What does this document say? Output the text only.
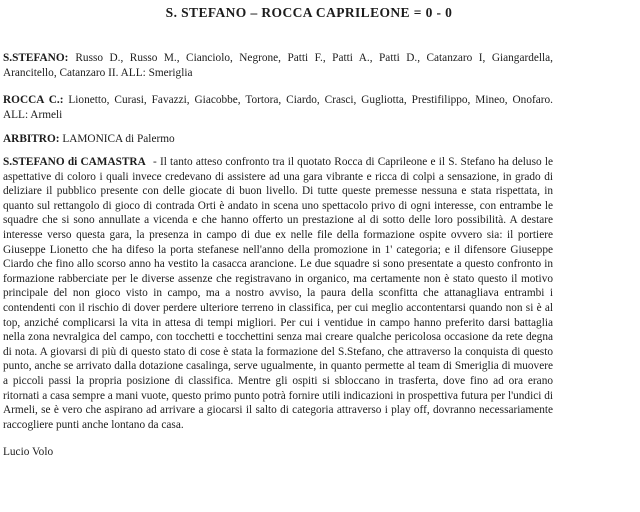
S. STEFANO – ROCCA CAPRILEONE = 0 - 0

S.STEFANO: Russo D., Russo M., Cianciolo, Negrone, Patti F., Patti A., Patti D., Catanzaro I, Giangardella, Arancitello, Catanzaro II. ALL: Smeriglia

ROCCA C.: Lionetto, Curasi, Favazzi, Giacobbe, Tortora, Ciardo, Crasci, Gugliotta, Prestifilippo, Mineo, Onofaro. ALL: Armeli

ARBITRO: LAMONICA di Palermo

S.STEFANO di CAMASTRA - Il tanto atteso confronto tra il quotato Rocca di Caprileone e il S. Stefano ha deluso le aspettative di coloro i quali invece credevano di assistere ad una gara vibrante e ricca di colpi a sensazione, in grado di deliziare il pubblico presente con delle giocate di buon livello. Di tutte queste premesse nessuna e stata rispettata, in quanto sul rettangolo di gioco di contrada Orti è andato in scena uno spettacolo privo di ogni interesse, con entrambe le squadre che si sono annullate a vicenda e che hanno offerto un prestazione al di sotto delle loro possibilità. A destare interesse verso questa gara, la presenza in campo di due ex nelle file della formazione ospite ovvero sia: il portiere Giuseppe Lionetto che ha difeso la porta stefanese nell'anno della promozione in 1' categoria; e il difensore Giuseppe Ciardo che fino allo scorso anno ha vestito la casacca arancione. Le due squadre si sono presentate a questo confronto in formazione rabberciate per le diverse assenze che registravano in organico, ma certamente non è stato questo il motivo principale del non gioco visto in campo, ma a nostro avviso, la paura della sconfitta che attanagliava entrambi i contendenti con il rischio di dover perdere ulteriore terreno in classifica, per cui meglio accontentarsi quando non si è al top, anziché complicarsi la vita in attesa di tempi migliori. Per cui i ventidue in campo hanno preferito darsi battaglia nella zona nevralgica del campo, con tocchetti e tocchettini senza mai creare qualche pericolosa occasione da rete degna di nota. A giovarsi di più di questo stato di cose è stata la formazione del S.Stefano, che attraverso la conquista di questo punto, anche se arrivato dalla dotazione casalinga, serve ugualmente, in quanto permette al team di Smeriglia di muovere a piccoli passi la propria posizione di classifica. Mentre gli ospiti si sbloccano in trasferta, dove fino ad ora erano ritornati a casa sempre a mani vuote, questo primo punto potrà fornire utili indicazioni in prospettiva futura per l'undici di Armeli, se è vero che aspirano ad arrivare a giocarsi il salto di categoria attraverso i play off, dovranno necessariamente raccogliere punti anche lontano da casa.

Lucio Volo
